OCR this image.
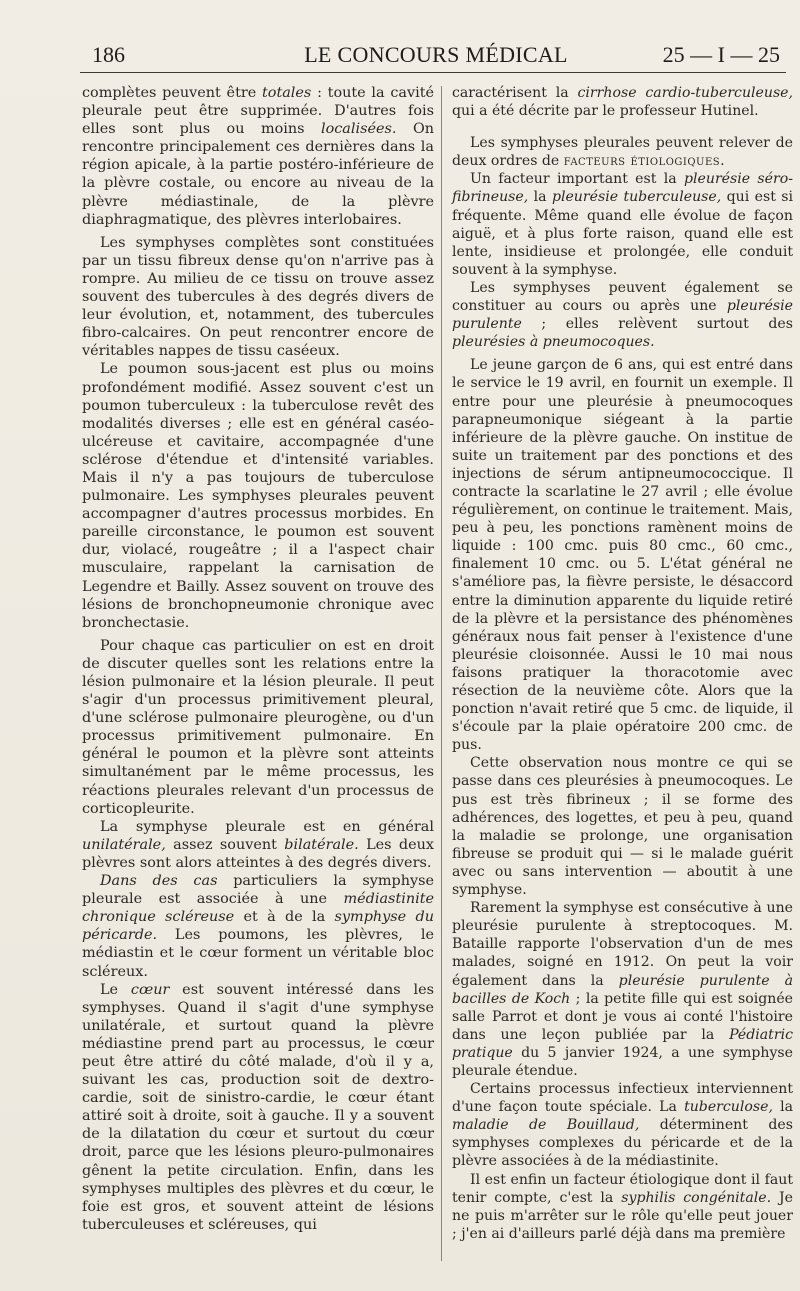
186	LE CONCOURS MÉDICAL	25 — I — 25

complètes peuvent être totales : toute la cavité pleurale peut être supprimée. D'autres fois elles sont plus ou moins localisées. On rencontre principalement ces dernières dans la région apicale, à la partie postéro-inférieure de la plèvre costale, ou encore au niveau de la plèvre médiastinale, de la plèvre diaphragmatique, des plèvres interlobaires.

Les symphyses complètes sont constituées par un tissu fibreux dense qu'on n'arrive pas à rompre. Au milieu de ce tissu on trouve assez souvent des tubercules à des degrés divers de leur évolution, et, notamment, des tubercules fibro-calcaires. On peut rencontrer encore de véritables nappes de tissu caséeux.

Le poumon sous-jacent est plus ou moins profondément modifié. Assez souvent c'est un poumon tuberculeux : la tuberculose revêt des modalités diverses ; elle est en général caséo-ulcéreuse et cavitaire, accompagnée d'une sclérose d'étendue et d'intensité variables. Mais il n'y a pas toujours de tuberculose pulmonaire. Les symphyses pleurales peuvent accompagner d'autres processus morbides. En pareille circonstance, le poumon est souvent dur, violacé, rougeâtre ; il a l'aspect chair musculaire, rappelant la carnisation de Legendre et Bailly. Assez souvent on trouve des lésions de bronchopneumonie chronique avec bronchectasie.

Pour chaque cas particulier on est en droit de discuter quelles sont les relations entre la lésion pulmonaire et la lésion pleurale. Il peut s'agir d'un processus primitivement pleural, d'une sclérose pulmonaire pleurogène, ou d'un processus primitivement pulmonaire. En général le poumon et la plèvre sont atteints simultanément par le même processus, les réactions pleurales relevant d'un processus de corticopleurite.

La symphyse pleurale est en général unilatérale, assez souvent bilatérale. Les deux plèvres sont alors atteintes à des degrés divers.

Dans des cas particuliers la symphyse pleurale est associée à une médiastinite chronique scléreuse et à de la symphyse du péricarde. Les poumons, les plèvres, le médiastin et le cœur forment un véritable bloc scléreux.

Le cœur est souvent intéressé dans les symphyses. Quand il s'agit d'une symphyse unilatérale, et surtout quand la plèvre médiastine prend part au processus, le cœur peut être attiré du côté malade, d'où il y a, suivant les cas, production soit de dextro-cardie, soit de sinistro-cardie, le cœur étant attiré soit à droite, soit à gauche. Il y a souvent de la dilatation du cœur et surtout du cœur droit, parce que les lésions pleuro-pulmonaires gênent la petite circulation. Enfin, dans les symphyses multiples des plèvres et du cœur, le foie est gros, et souvent atteint de lésions tuberculeuses et scléreuses, qui

caractérisent la cirrhose cardio-tuberculeuse, qui a été décrite par le professeur Hutinel.

Les symphyses pleurales peuvent relever de deux ordres de facteurs étiologiques.

Un facteur important est la pleurésie séro-fibrineuse, la pleurésie tuberculeuse, qui est si fréquente. Même quand elle évolue de façon aiguë, et à plus forte raison, quand elle est lente, insidieuse et prolongée, elle conduit souvent à la symphyse.

Les symphyses peuvent également se constituer au cours ou après une pleurésie purulente ; elles relèvent surtout des pleurésies à pneumocoques.

Le jeune garçon de 6 ans, qui est entré dans le service le 19 avril, en fournit un exemple. Il entre pour une pleurésie à pneumocoques parapneumonique siégeant à la partie inférieure de la plèvre gauche. On institue de suite un traitement par des ponctions et des injections de sérum antipneumococcique. Il contracte la scarlatine le 27 avril ; elle évolue régulièrement, on continue le traitement. Mais, peu à peu, les ponctions ramènent moins de liquide : 100 cmc. puis 80 cmc., 60 cmc., finalement 10 cmc. ou 5. L'état général ne s'améliore pas, la fièvre persiste, le désaccord entre la diminution apparente du liquide retiré de la plèvre et la persistance des phénomènes généraux nous fait penser à l'existence d'une pleurésie cloisonnée. Aussi le 10 mai nous faisons pratiquer la thoracotomie avec résection de la neuvième côte. Alors que la ponction n'avait retiré que 5 cmc. de liquide, il s'écoule par la plaie opératoire 200 cmc. de pus.

Cette observation nous montre ce qui se passe dans ces pleurésies à pneumocoques. Le pus est très fibrineux ; il se forme des adhérences, des logettes, et peu à peu, quand la maladie se prolonge, une organisation fibreuse se produit qui — si le malade guérit avec ou sans intervention — aboutit à une symphyse.

Rarement la symphyse est consécutive à une pleurésie purulente à streptocoques. M. Bataille rapporte l'observation d'un de mes malades, soigné en 1912. On peut la voir également dans la pleurésie purulente à bacilles de Koch ; la petite fille qui est soignée salle Parrot et dont je vous ai conté l'histoire dans une leçon publiée par la Pédiatric pratique du 5 janvier 1924, a une symphyse pleurale étendue.

Certains processus infectieux interviennent d'une façon toute spéciale. La tuberculose, la maladie de Bouillaud, déterminent des symphyses complexes du péricarde et de la plèvre associées à de la médiastinite.

Il est enfin un facteur étiologique dont il faut tenir compte, c'est la syphilis congénitale. Je ne puis m'arrêter sur le rôle qu'elle peut jouer ; j'en ai d'ailleurs parlé déjà dans ma première
